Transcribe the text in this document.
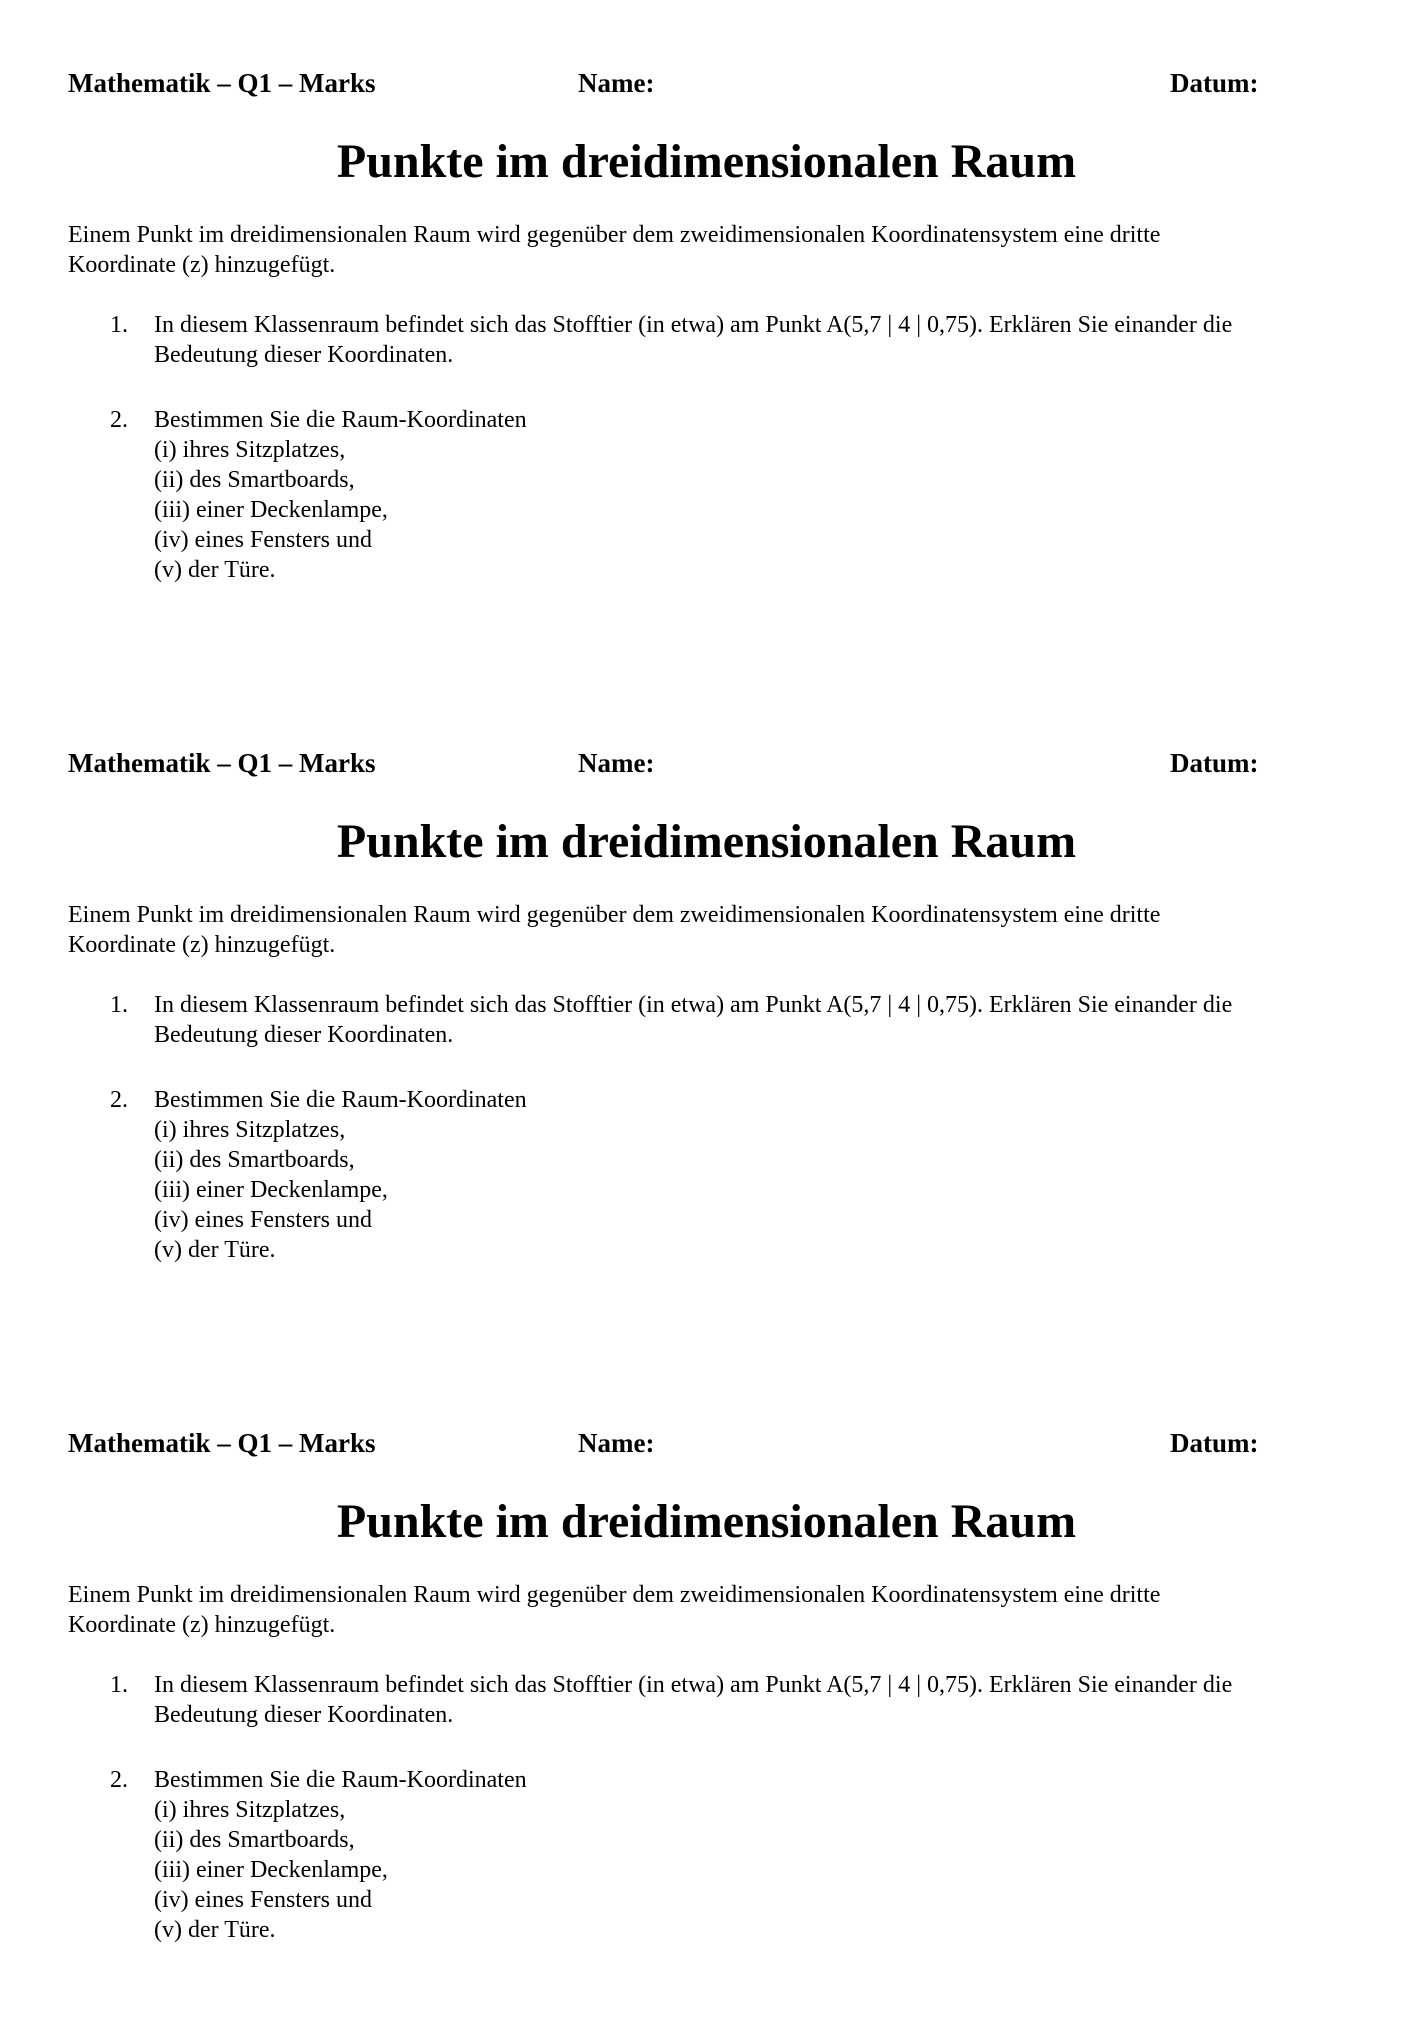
Mathematik – Q1 – Marks	Name:	Datum:
Punkte im dreidimensionalen Raum

Einem Punkt im dreidimensionalen Raum wird gegenüber dem zweidimensionalen Koordinatensystem eine dritte
Koordinate (z) hinzugefügt.

1. In diesem Klassenraum befindet sich das Stofftier (in etwa) am Punkt A(5,7 | 4 | 0,75). Erklären Sie einander die
Bedeutung dieser Koordinaten.
2. Bestimmen Sie die Raum-Koordinaten
(i) ihres Sitzplatzes,
(ii) des Smartboards,
(iii) einer Deckenlampe,
(iv) eines Fensters und
(v) der Türe.
Mathematik – Q1 – Marks	Name:	Datum:
Punkte im dreidimensionalen Raum

Einem Punkt im dreidimensionalen Raum wird gegenüber dem zweidimensionalen Koordinatensystem eine dritte
Koordinate (z) hinzugefügt.

1. In diesem Klassenraum befindet sich das Stofftier (in etwa) am Punkt A(5,7 | 4 | 0,75). Erklären Sie einander die
Bedeutung dieser Koordinaten.
2. Bestimmen Sie die Raum-Koordinaten
(i) ihres Sitzplatzes,
(ii) des Smartboards,
(iii) einer Deckenlampe,
(iv) eines Fensters und
(v) der Türe.
Mathematik – Q1 – Marks	Name:	Datum:
Punkte im dreidimensionalen Raum

Einem Punkt im dreidimensionalen Raum wird gegenüber dem zweidimensionalen Koordinatensystem eine dritte
Koordinate (z) hinzugefügt.

1. In diesem Klassenraum befindet sich das Stofftier (in etwa) am Punkt A(5,7 | 4 | 0,75). Erklären Sie einander die
Bedeutung dieser Koordinaten.
2. Bestimmen Sie die Raum-Koordinaten
(i) ihres Sitzplatzes,
(ii) des Smartboards,
(iii) einer Deckenlampe,
(iv) eines Fensters und
(v) der Türe.
